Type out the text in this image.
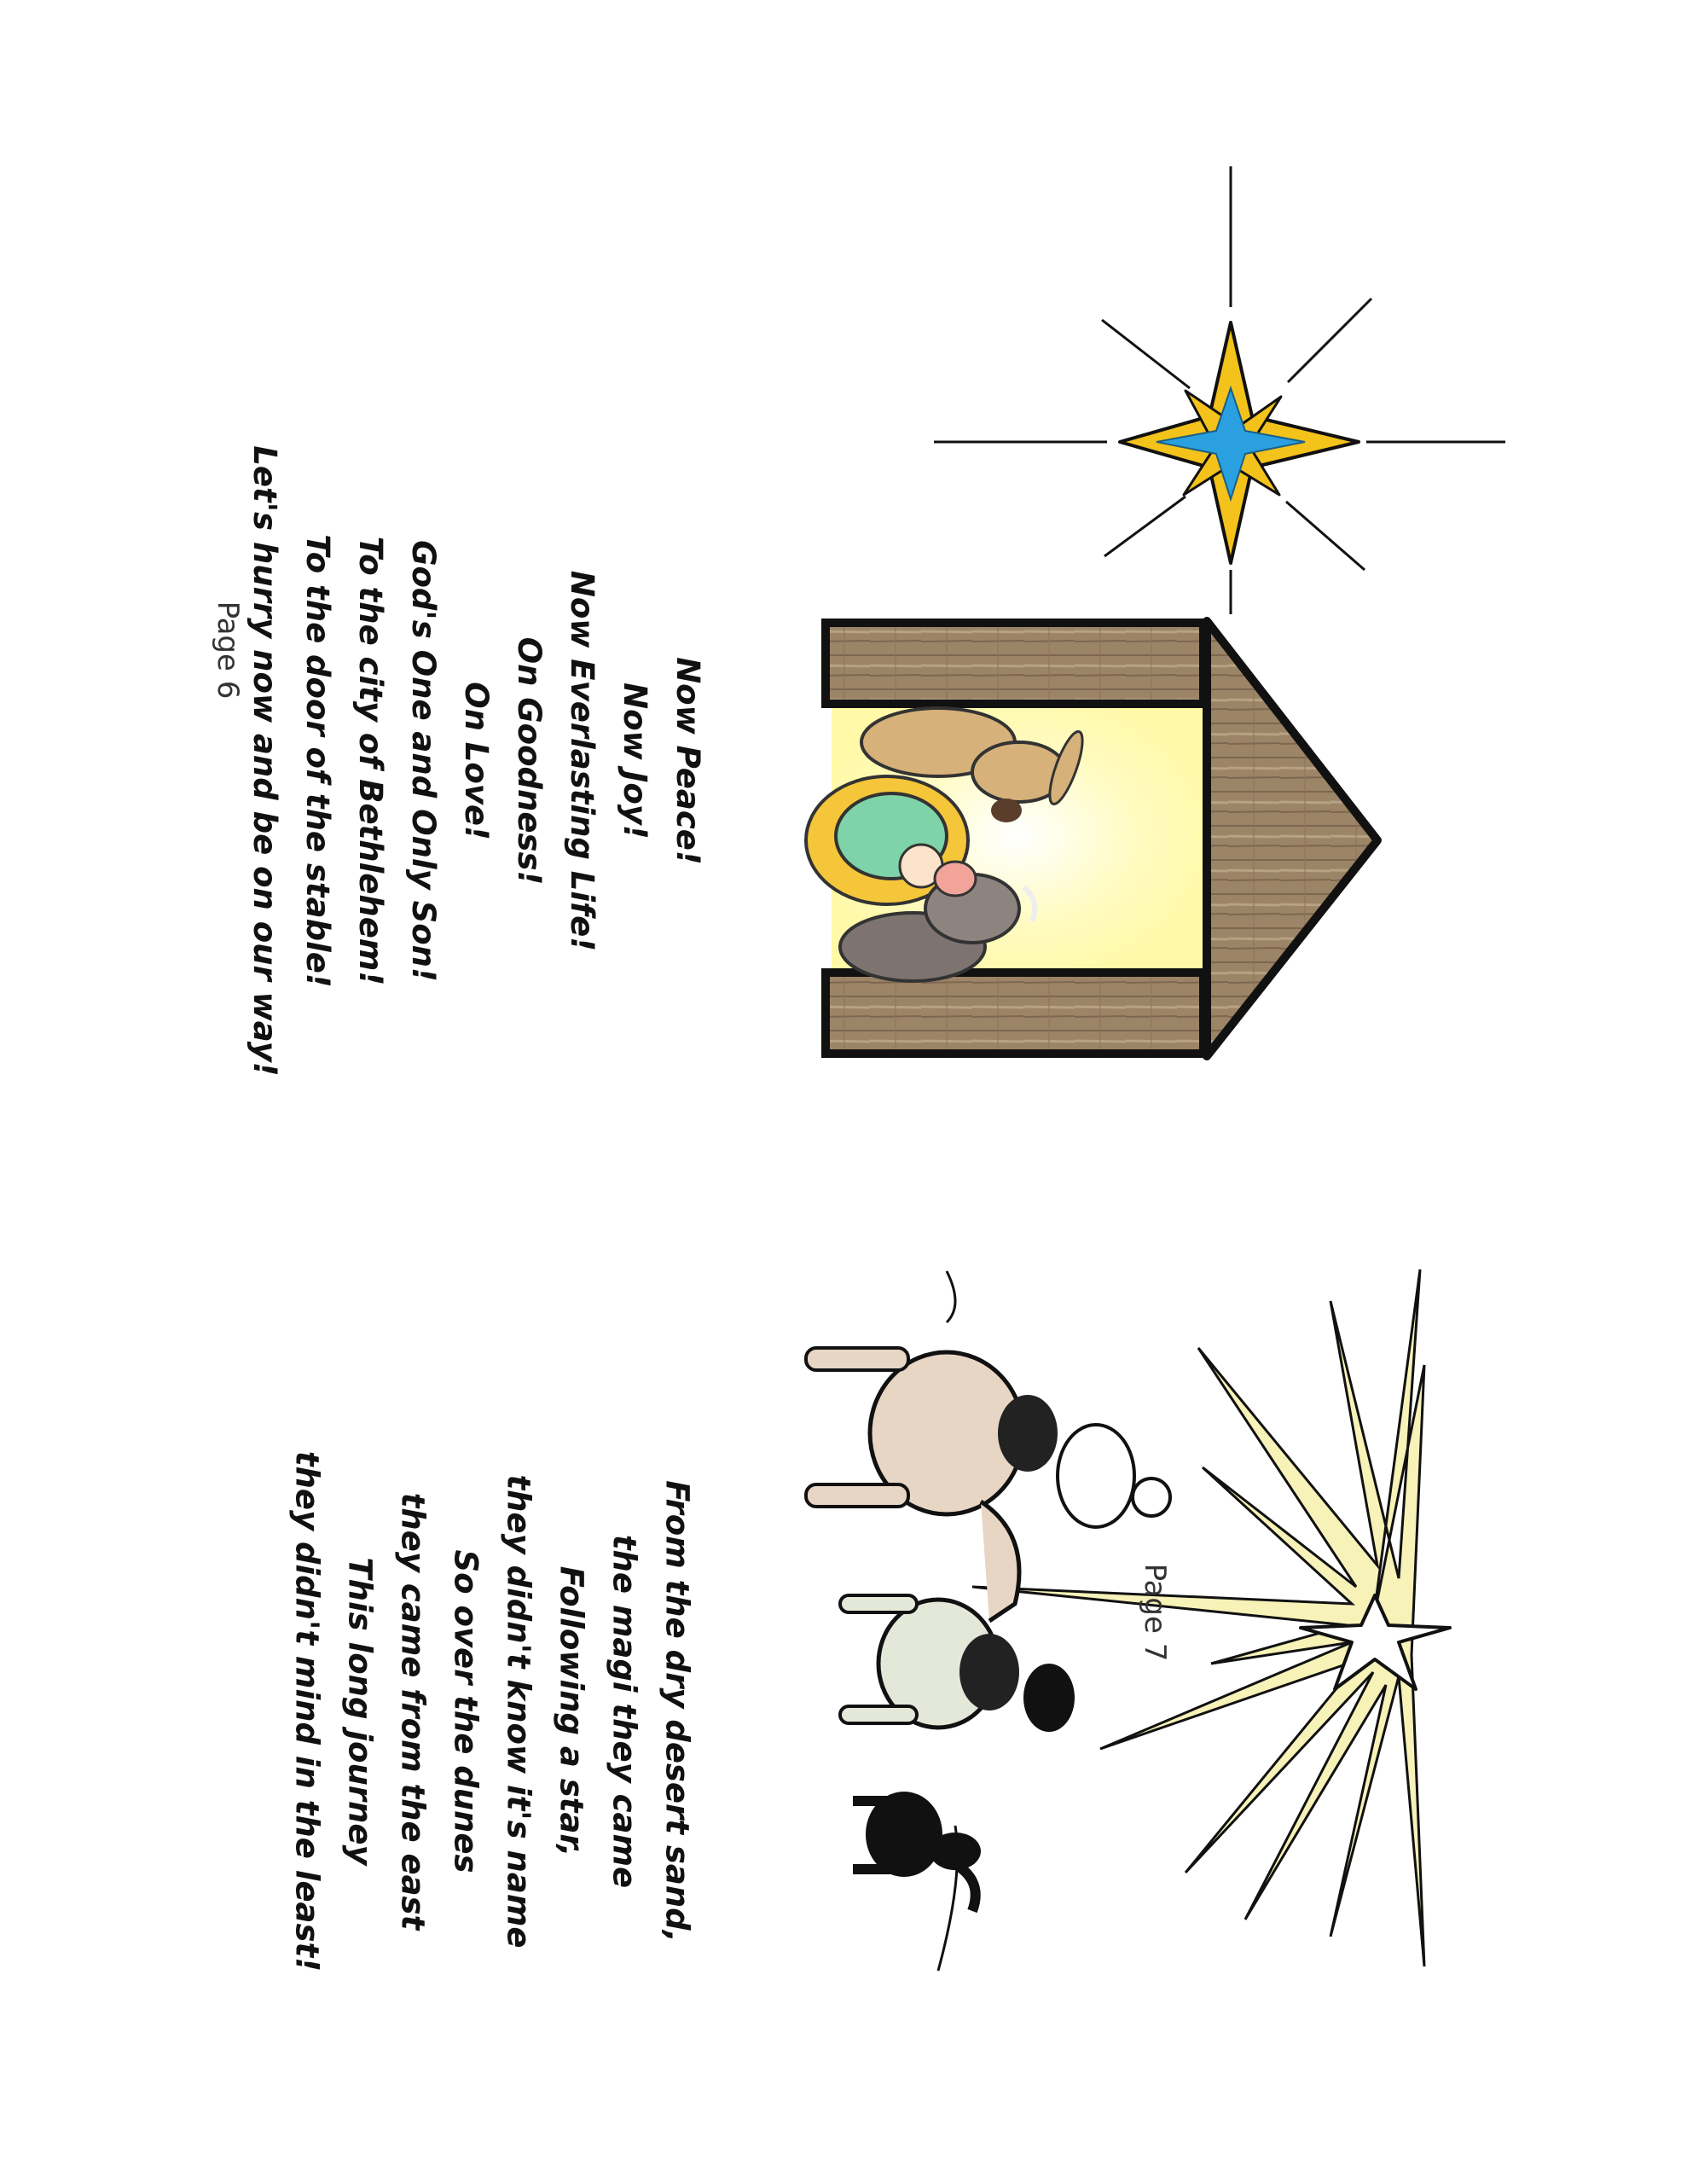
Now Peace!
Now Joy!
Now Everlasting Life!
On Goodness!
On Love!
God's One and Only Son!
To the city of Bethlehem!
To the door of the stable!
Let's hurry now and be on our way!
Page 6
From the dry desert sand,
the magi they came
Following a star,
they didn't know it's name
So over the dunes
they came from the east
This long journey
they didn't mind in the least!	Page 7
